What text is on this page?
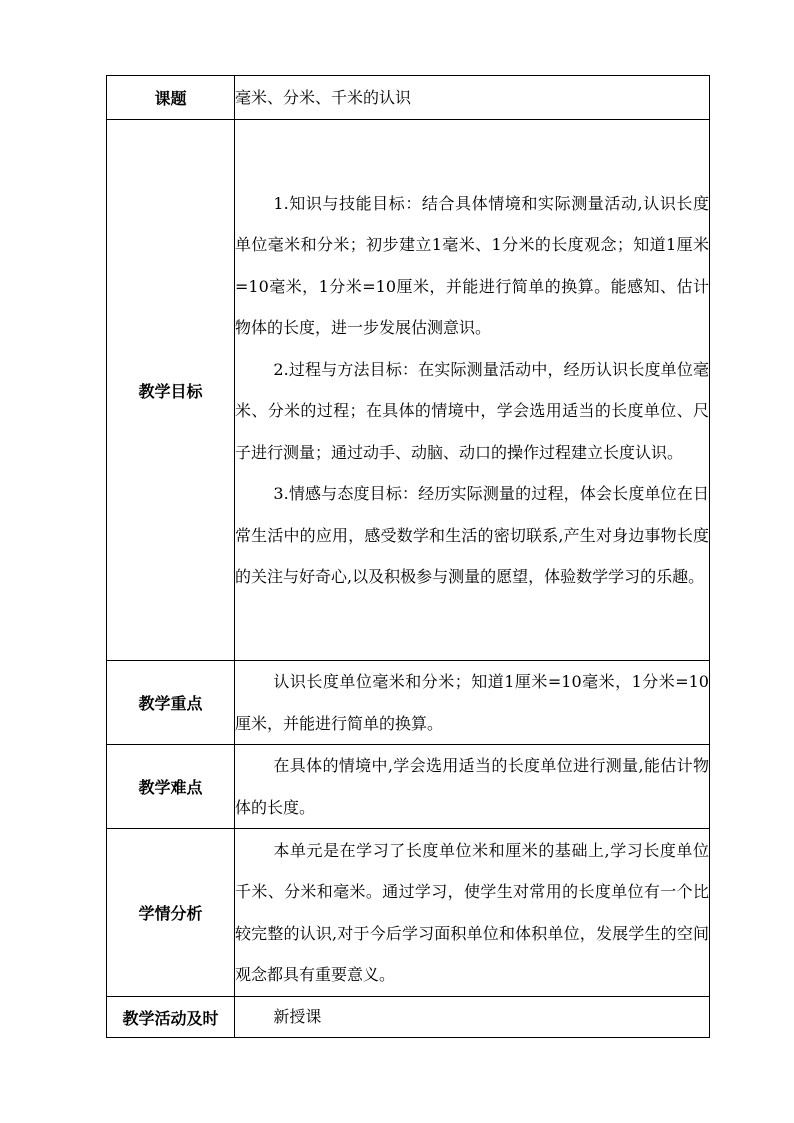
课题	毫米、分米、千米的认识

教学目标	1.知识与技能目标：结合具体情境和实际测量活动,认识长度单位毫米和分米；初步建立1毫米、1分米的长度观念；知道1厘米=10毫米，1分米=10厘米，并能进行简单的换算。能感知、估计物体的长度，进一步发展估测意识。

2.过程与方法目标：在实际测量活动中，经历认识长度单位毫米、分米的过程；在具体的情境中，学会选用适当的长度单位、尺子进行测量；通过动手、动脑、动口的操作过程建立长度认识。

3.情感与态度目标：经历实际测量的过程，体会长度单位在日常生活中的应用，感受数学和生活的密切联系,产生对身边事物长度的关注与好奇心,以及积极参与测量的愿望，体验数学学习的乐趣。

教学重点	认识长度单位毫米和分米；知道1厘米=10毫米，1分米=10厘米，并能进行简单的换算。

教学难点	在具体的情境中,学会选用适当的长度单位进行测量,能估计物体的长度。

学情分析	本单元是在学习了长度单位米和厘米的基础上,学习长度单位千米、分米和毫米。通过学习，使学生对常用的长度单位有一个比较完整的认识,对于今后学习面积单位和体积单位，发展学生的空间观念都具有重要意义。

教学活动及时	新授课
